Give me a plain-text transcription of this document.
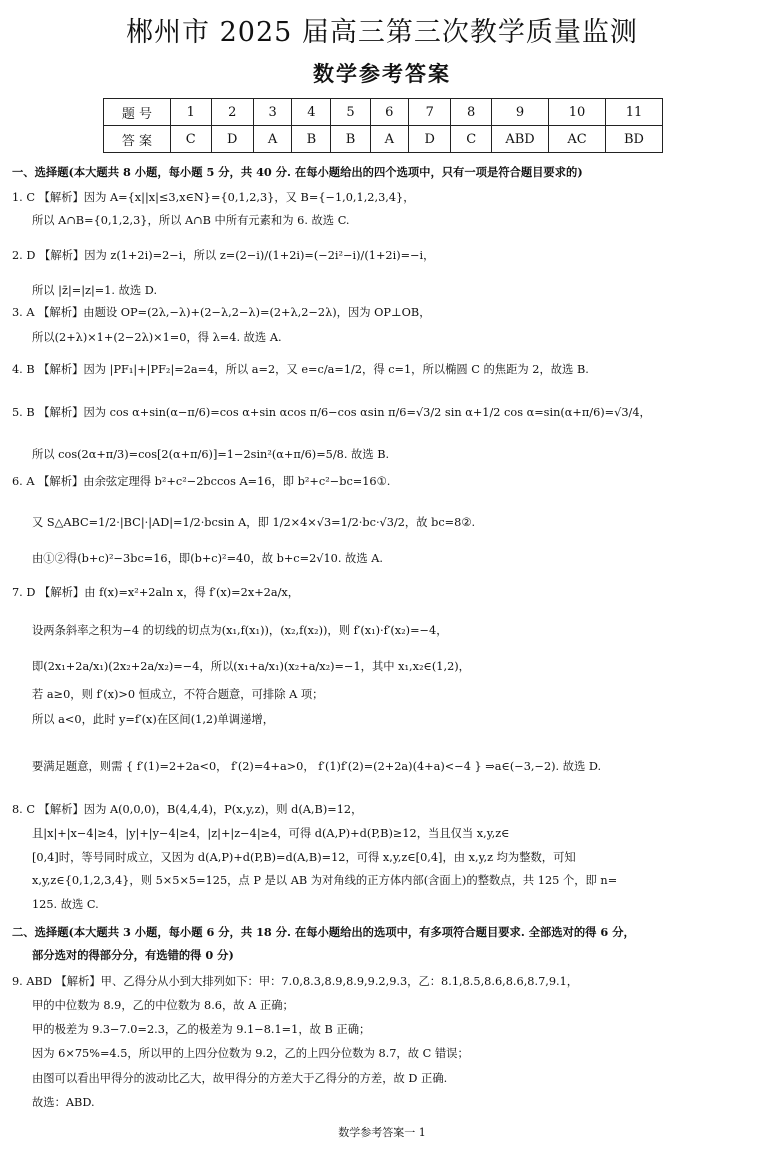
郴州市 2025 届高三第三次教学质量监测
数学参考答案
题 号	1	2	3	4	5	6	7	8	9	10	11
答 案	C	D	A	B	B	A	D	C	ABD	AC	BD
一、选择题(本大题共 8 小题，每小题 5 分，共 40 分. 在每小题给出的四个选项中，只有一项是符合题目要求的)
1. C 【解析】因为 A={x||x|≤3,x∈N}={0,1,2,3}，又 B={−1,0,1,2,3,4}，
所以 A∩B={0,1,2,3}，所以 A∩B 中所有元素和为 6. 故选 C.
2. D 【解析】因为 z(1+2i)=2−i，所以 z=(2−i)/(1+2i)=(−2i²−i)/(1+2i)=−i，
所以 |z̄|=|z|=1. 故选 D.
3. A 【解析】由题设 OP=(2λ,−λ)+(2−λ,2−λ)=(2+λ,2−2λ)，因为 OP⊥OB，
所以(2+λ)×1+(2−2λ)×1=0，得 λ=4. 故选 A.
4. B 【解析】因为 |PF₁|+|PF₂|=2a=4，所以 a=2，又 e=c/a=1/2，得 c=1，所以椭圆 C 的焦距为 2，故选 B.
5. B 【解析】因为 cos α+sin(α−π/6)=cos α+sin αcos π/6−cos αsin π/6=√3/2 sin α+1/2 cos α=sin(α+π/6)=√3/4，
所以 cos(2α+π/3)=cos[2(α+π/6)]=1−2sin²(α+π/6)=5/8. 故选 B.
6. A 【解析】由余弦定理得 b²+c²−2bccos A=16，即 b²+c²−bc=16①.
又 S△ABC=1/2·|BC|·|AD|=1/2·bcsin A，即 1/2×4×√3=1/2·bc·√3/2，故 bc=8②.
由①②得(b+c)²−3bc=16，即(b+c)²=40，故 b+c=2√10. 故选 A.
7. D 【解析】由 f(x)=x²+2aln x，得 f′(x)=2x+2a/x，
设两条斜率之积为−4 的切线的切点为(x₁,f(x₁))，(x₂,f(x₂))，则 f′(x₁)·f′(x₂)=−4，
即(2x₁+2a/x₁)(2x₂+2a/x₂)=−4，所以(x₁+a/x₁)(x₂+a/x₂)=−1，其中 x₁,x₂∈(1,2)，
若 a≥0，则 f′(x)>0 恒成立，不符合题意，可排除 A 项；
所以 a<0，此时 y=f′(x)在区间(1,2)单调递增，
要满足题意，则需 { f′(1)=2+2a<0， f′(2)=4+a>0， f′(1)f′(2)=(2+2a)(4+a)<−4 } ⇒a∈(−3,−2). 故选 D.
8. C 【解析】因为 A(0,0,0)，B(4,4,4)，P(x,y,z)，则 d(A,B)=12，
且|x|+|x−4|≥4，|y|+|y−4|≥4，|z|+|z−4|≥4，可得 d(A,P)+d(P,B)≥12，当且仅当 x,y,z∈
[0,4]时，等号同时成立，又因为 d(A,P)+d(P,B)=d(A,B)=12，可得 x,y,z∈[0,4]，由 x,y,z 均为整数，可知
x,y,z∈{0,1,2,3,4}，则 5×5×5=125，点 P 是以 AB 为对角线的正方体内部(含面上)的整数点，共 125 个，即 n=
125. 故选 C.
二、选择题(本大题共 3 小题，每小题 6 分，共 18 分. 在每小题给出的选项中，有多项符合题目要求. 全部选对的得 6 分，
部分选对的得部分分，有选错的得 0 分)
9. ABD 【解析】甲、乙得分从小到大排列如下：甲：7.0,8.3,8.9,8.9,9.2,9.3，乙：8.1,8.5,8.6,8.6,8.7,9.1，
甲的中位数为 8.9，乙的中位数为 8.6，故 A 正确；
甲的极差为 9.3−7.0=2.3，乙的极差为 9.1−8.1=1，故 B 正确；
因为 6×75%=4.5，所以甲的上四分位数为 9.2，乙的上四分位数为 8.7，故 C 错误；
由图可以看出甲得分的波动比乙大，故甲得分的方差大于乙得分的方差，故 D 正确.
故选：ABD.
数学参考答案一 1
